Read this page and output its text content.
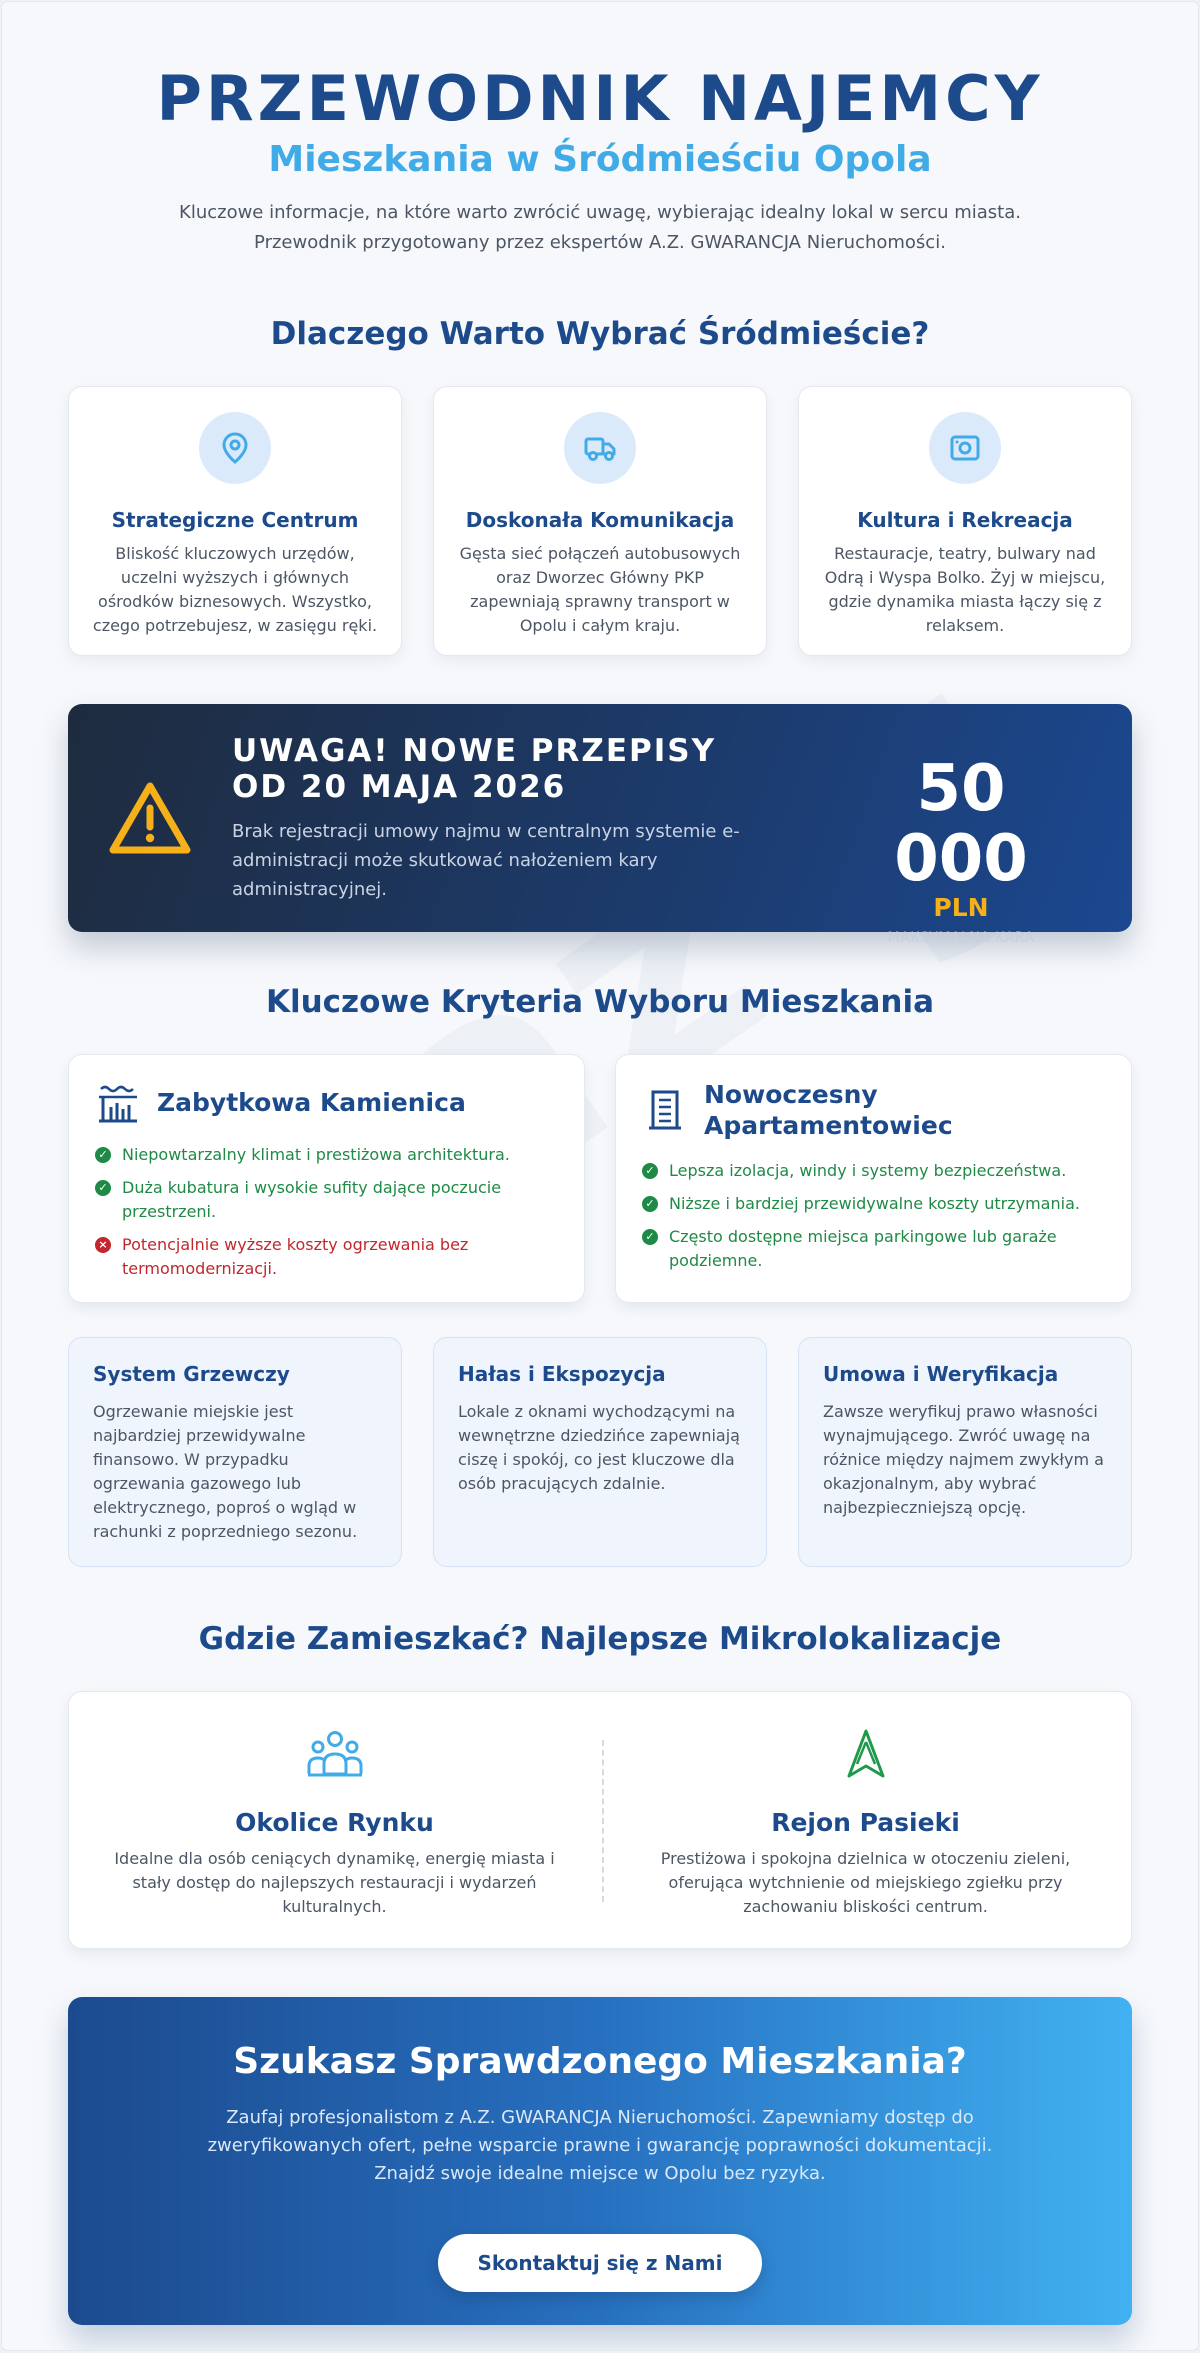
PRZEWODNIK NAJEMCY
Mieszkania w Śródmieściu Opola

Kluczowe informacje, na które warto zwrócić uwagę, wybierając idealny lokal w sercu miasta.
Przewodnik przygotowany przez ekspertów A.Z. GWARANCJA Nieruchomości.

Dlaczego Warto Wybrać Śródmieście?
Strategiczne Centrum

Bliskość kluczowych urzędów, uczelni wyższych i głównych ośrodków biznesowych. Wszystko, czego potrzebujesz, w zasięgu ręki.

Doskonała Komunikacja

Gęsta sieć połączeń autobusowych oraz Dworzec Główny PKP zapewniają sprawny transport w Opolu i całym kraju.

Kultura i Rekreacja

Restauracje, teatry, bulwary nad Odrą i Wyspa Bolko. Żyj w miejscu, gdzie dynamika miasta łączy się z relaksem.

UWAGA! NOWE PRZEPISY OD 20 MAJA 2026

Brak rejestracji umowy najmu w centralnym systemie e-administracji może skutkować nałożeniem kary administracyjnej.

50 000
PLN
MAKSYMALNA KARA
Kluczowe Kryteria Wyboru Mieszkania
Zabytkowa Kamienica
✓ Niepowtarzalny klimat i prestiżowa architektura.
✓ Duża kubatura i wysokie sufity dające poczucie przestrzeni.
× Potencjalnie wyższe koszty ogrzewania bez termomodernizacji.
Nowoczesny Apartamentowiec
✓ Lepsza izolacja, windy i systemy bezpieczeństwa.
✓ Niższe i bardziej przewidywalne koszty utrzymania.
✓ Często dostępne miejsca parkingowe lub garaże podziemne.
System Grzewczy

Ogrzewanie miejskie jest najbardziej przewidywalne finansowo. W przypadku ogrzewania gazowego lub elektrycznego, poproś o wgląd w rachunki z poprzedniego sezonu.

Hałas i Ekspozycja

Lokale z oknami wychodzącymi na wewnętrzne dziedzińce zapewniają ciszę i spokój, co jest kluczowe dla osób pracujących zdalnie.

Umowa i Weryfikacja

Zawsze weryfikuj prawo własności wynajmującego. Zwróć uwagę na różnice między najmem zwykłym a okazjonalnym, aby wybrać najbezpieczniejszą opcję.

Gdzie Zamieszkać? Najlepsze Mikrolokalizacje
Okolice Rynku

Idealne dla osób ceniących dynamikę, energię miasta i stały dostęp do najlepszych restauracji i wydarzeń kulturalnych.

Rejon Pasieki

Prestiżowa i spokojna dzielnica w otoczeniu zieleni, oferująca wytchnienie od miejskiego zgiełku przy zachowaniu bliskości centrum.

Szukasz Sprawdzonego Mieszkania?

Zaufaj profesjonalistom z A.Z. GWARANCJA Nieruchomości. Zapewniamy dostęp do zweryfikowanych ofert, pełne wsparcie prawne i gwarancję poprawności dokumentacji. Znajdź swoje idealne miejsce w Opolu bez ryzyka.

Skontaktuj się z Nami
